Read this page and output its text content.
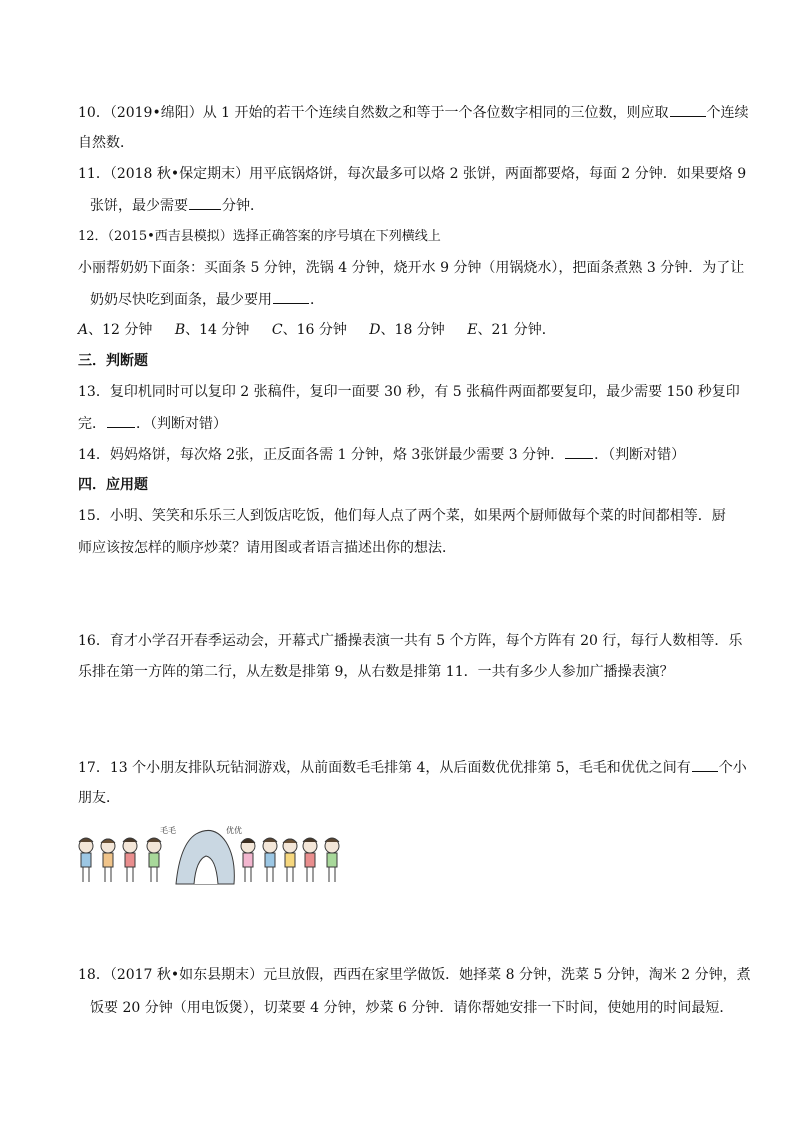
10．（2019•绵阳）从 1 开始的若干个连续自然数之和等于一个各位数字相同的三位数，则应取	个连续
自然数．
11．（2018 秋•保定期末）用平底锅烙饼，每次最多可以烙 2 张饼，两面都要烙，每面 2 分钟．如果要烙 9
张饼，最少需要 分钟．
12．（2015•西吉县模拟）选择正确答案的序号填在下列横线上
小丽帮奶奶下面条：买面条 5 分钟，洗锅 4 分钟，烧开水 9 分钟（用锅烧水），把面条煮熟 3 分钟．为了让
奶奶尽快吃到面条，最少要用	．
A、12 分钟 B、14 分钟 C、16 分钟 D、18 分钟 E、21 分钟．
三．判断题
13．复印机同时可以复印 2 张稿件，复印一面要 30 秒，有 5 张稿件两面都要复印，最少需要 150 秒复印
完． ．（判断对错）
14．妈妈烙饼，每次烙 2张，正反面各需 1 分钟，烙 3张饼最少需要 3 分钟． ．（判断对错）
四．应用题
15．小明、笑笑和乐乐三人到饭店吃饭，他们每人点了两个菜，如果两个厨师做每个菜的时间都相等．厨
师应该按怎样的顺序炒菜？请用图或者语言描述出你的想法．
16．育才小学召开春季运动会，开幕式广播操表演一共有 5 个方阵，每个方阵有 20 行，每行人数相等．乐
乐排在第一方阵的第二行，从左数是排第 9，从右数是排第 11．一共有多少人参加广播操表演？
17．13 个小朋友排队玩钻洞游戏，从前面数毛毛排第 4，从后面数优优排第 5，毛毛和优优之间有 个小
朋友．
毛毛	优优
18．（2017 秋•如东县期末）元旦放假，西西在家里学做饭．她择菜 8 分钟，洗菜 5 分钟，淘米 2 分钟，煮
饭要 20 分钟（用电饭煲），切菜要 4 分钟，炒菜 6 分钟．请你帮她安排一下时间，使她用的时间最短．
